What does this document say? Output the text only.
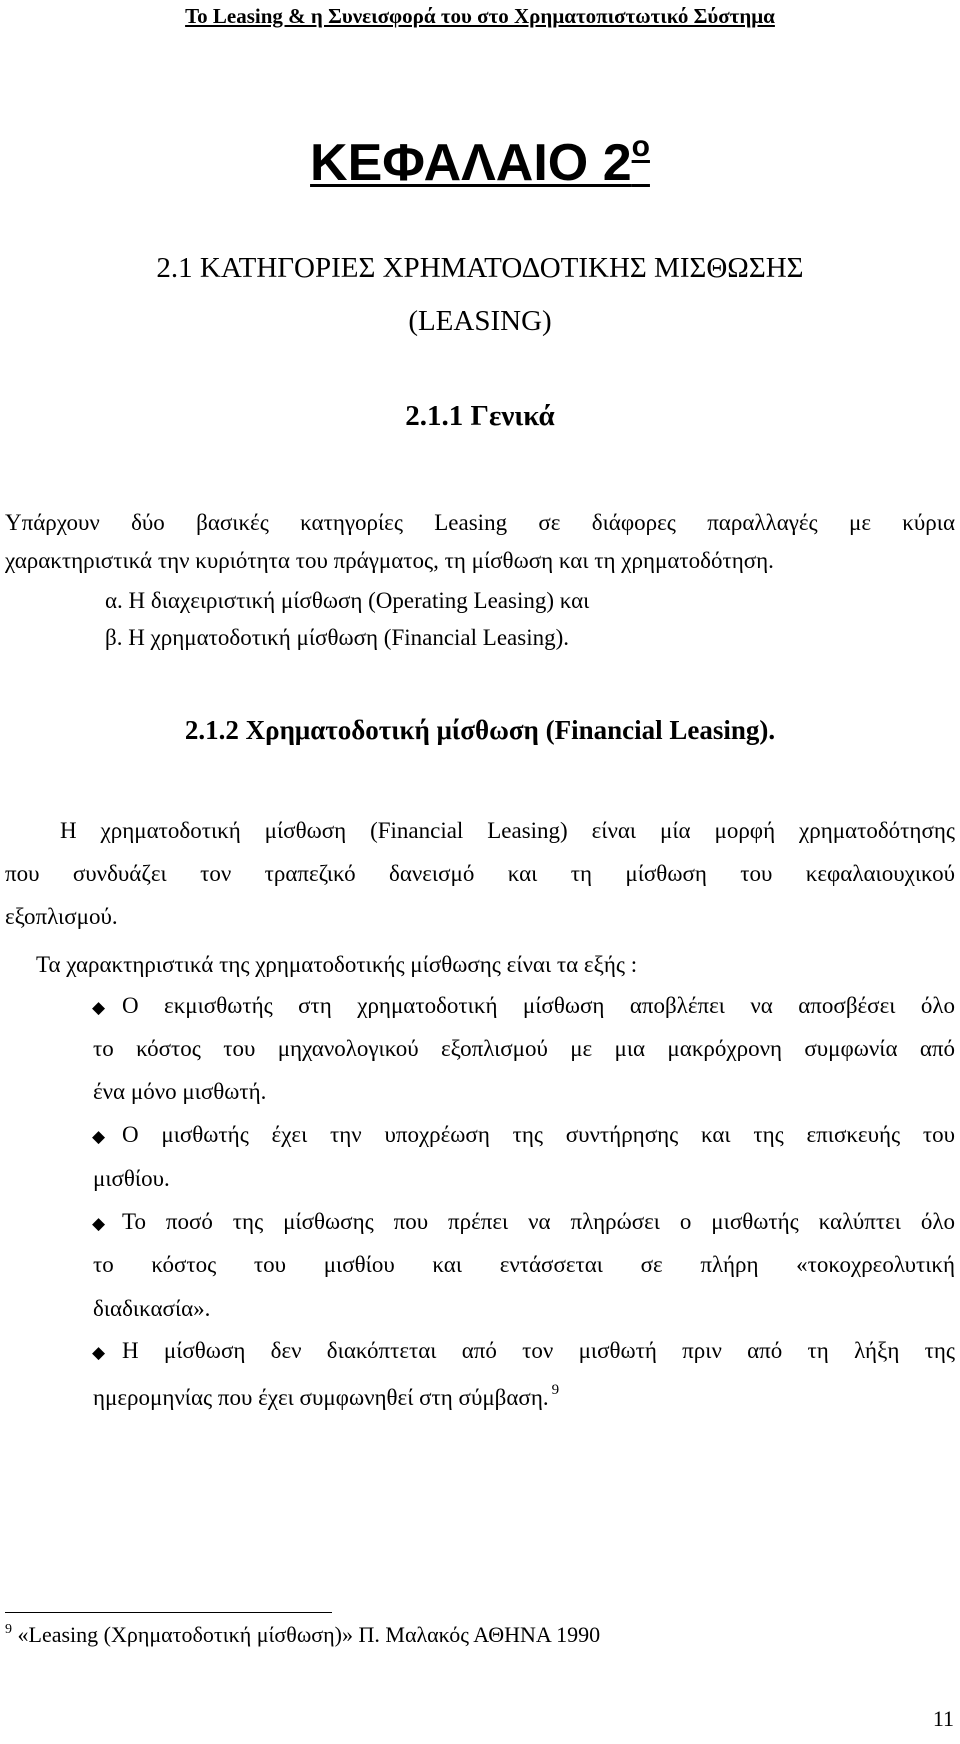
To Leasing & η Συνεισφορά του στο Χρηματοπιστωτικό Σύστημα
ΚΕΦΑΛΑΙΟ $2^o$
2.1 ΚΑΤΗΓΟΡΙΕΣ ΧΡΗΜΑΤΟΔΟΤΙΚΗΣ ΜΙΣΘΩΣΗΣ
(LEASING)
2.1.1 Γενικά
Υπάρχουν δύο βασικές κατηγορίες Leasing σε διάφορες παραλλαγές με κύρια
χαρακτηριστικά την κυριότητα του πράγματος, τη μίσθωση και τη χρηματοδότηση.
α. Η διαχειριστική μίσθωση (Operating Leasing) και
β. Η χρηματοδοτική μίσθωση (Financial Leasing).
2.1.2 Χρηματοδοτική μίσθωση (Financial Leasing).
Η χρηματοδοτική μίσθωση (Financial Leasing) είναι μία μορφή χρηματοδότησης
που συνδυάζει τον τραπεζικό δανεισμό και τη μίσθωση του κεφαλαιουχικού
εξοπλισμού.
Τα χαρακτηριστικά της χρηματοδοτικής μίσθωσης είναι τα εξής :
◆ Ο εκμισθωτής στη χρηματοδοτική μίσθωση αποβλέπει να αποσβέσει όλο
το κόστος του μηχανολογικού εξοπλισμού με μια μακρόχρονη συμφωνία από
ένα μόνο μισθωτή.
◆ Ο μισθωτής έχει την υποχρέωση της συντήρησης και της επισκευής του
μισθίου.
◆ Το ποσό της μίσθωσης που πρέπει να πληρώσει ο μισθωτής καλύπτει όλο
το κόστος του μισθίου και εντάσσεται σε πλήρη «τοκοχρεολυτική
διαδικασία».
◆ Η μίσθωση δεν διακόπτεται από τον μισθωτή πριν από τη λήξη της
ημερομηνίας που έχει συμφωνηθεί στη σύμβαση. $^9$
$^9$ «Leasing (Χρηματοδοτική μίσθωση)» Π. Μαλακός ΑΘΗΝΑ 1990
11
